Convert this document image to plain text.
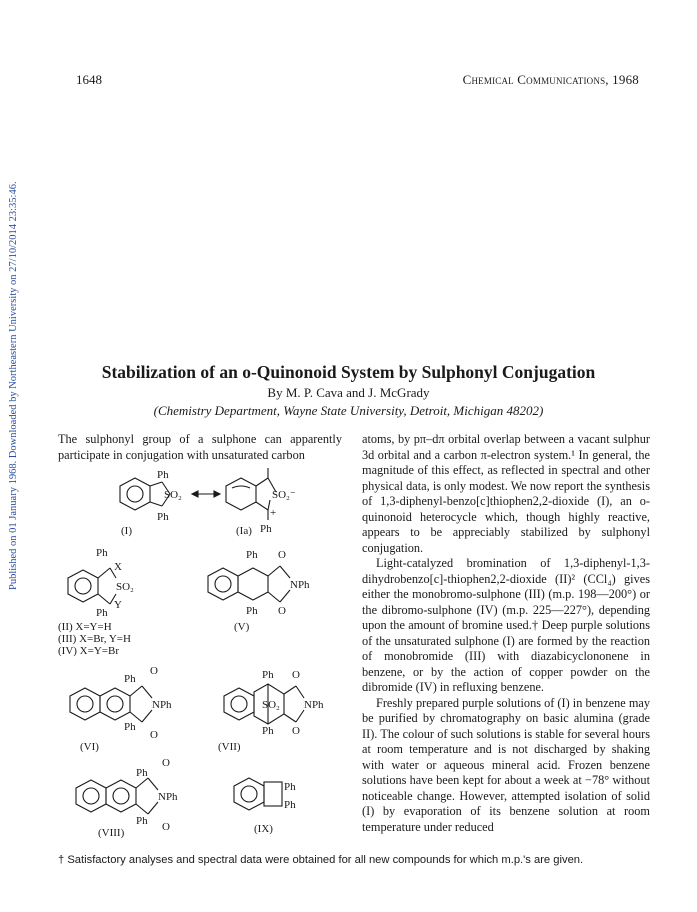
1648	Chemical Communications, 1968
Published on 01 January 1968. Downloaded by Northeastern University on 27/10/2014 23:35:46.	Stabilization of an o-Quinonoid System by Sulphonyl Conjugation
By M. P. Cava and J. McGrady
(Chemistry Department, Wayne State University, Detroit, Michigan 48202)
The sulphonyl group of a sulphone can apparently participate in conjugation with unsaturated carbon

atoms, by pπ–dπ orbital overlap between a vacant sulphur 3d orbital and a carbon π-electron system.¹ In general, the magnitude of this effect, as reflected in spectral and other physical data, is only modest. We now report the synthesis of 1,3-diphenyl-benzo[c]thiophen2,2-dioxide (I), an o-quinonoid heterocycle which, though highly reactive, appears to be appreciably stabilized by sulphonyl conjugation.

Light-catalyzed bromination of 1,3-diphenyl-1,3-dihydrobenzo[c]-thiophen2,2-dioxide (II)² (CCl₄) gives either the monobromo-sulphone (III) (m.p. 198—200°) or the dibromo-sulphone (IV) (m.p. 225—227°), depending upon the amount of bromine used.† Deep purple solutions of the unsaturated sulphone (I) are formed by the reaction of monobromide (III) with diazabicyclononene in benzene, or by the action of copper powder on the dibromide (IV) in refluxing benzene.

Freshly prepared purple solutions of (I) in benzene may be purified by chromatography on basic alumina (grade II). The colour of such solutions is stable for several hours at room temperature and is not discharged by shaking with water or aqueous mineral acid. Frozen benzene solutions have been kept for about a week at −78° without noticeable change. However, attempted isolation of solid (I) by evaporation of its benzene solution at room temperature under reduced

Ph
SO₂
Ph
(I)
SO₂⁻
+
Ph
(Ia)
Ph
X
SO₂
Ph
Y
(II) X=Y=H
(III) X=Br, Y=H
(IV) X=Y=Br
Ph O
NPh
Ph O
(V)
Ph
O
NPh
Ph
O
(VI)
Ph O
SO₂ NPh
Ph O
(VII)
Ph
O
NPh
Ph O
(VIII)
Ph
Ph
(IX)
† Satisfactory analyses and spectral data were obtained for all new compounds for which m.p.'s are given.
